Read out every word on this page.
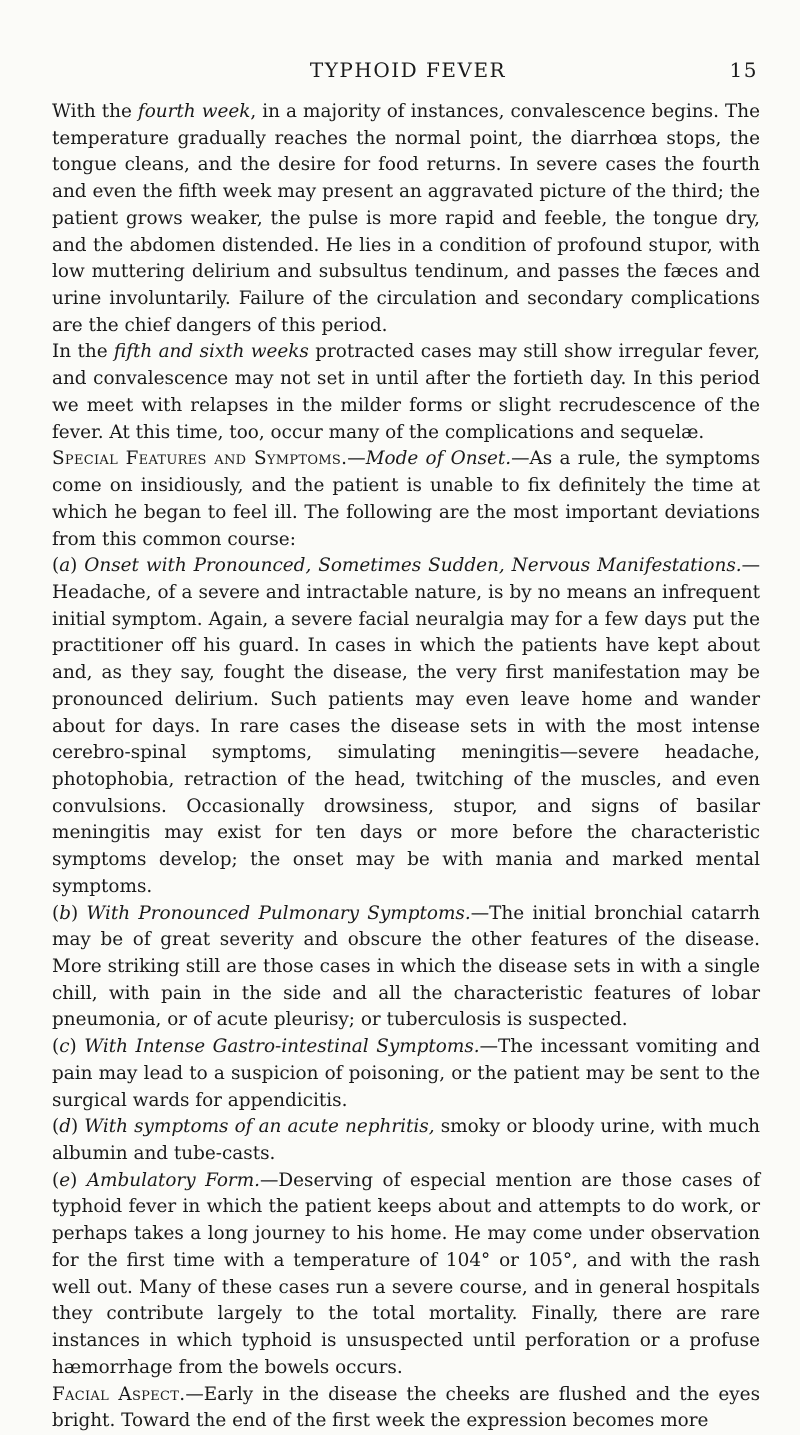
TYPHOID FEVER	15

With the fourth week, in a majority of instances, convalescence begins. The temperature gradually reaches the normal point, the diarrhœa stops, the tongue cleans, and the desire for food returns. In severe cases the fourth and even the fifth week may present an aggravated picture of the third; the patient grows weaker, the pulse is more rapid and feeble, the tongue dry, and the abdomen distended. He lies in a condition of profound stupor, with low muttering delirium and subsultus tendinum, and passes the fæces and urine involuntarily. Failure of the circulation and secondary complications are the chief dangers of this period.

In the fifth and sixth weeks protracted cases may still show irregular fever, and convalescence may not set in until after the fortieth day. In this period we meet with relapses in the milder forms or slight recrudescence of the fever. At this time, too, occur many of the complications and sequelæ.

Special Features and Symptoms.—Mode of Onset.—As a rule, the symptoms come on insidiously, and the patient is unable to fix definitely the time at which he began to feel ill. The following are the most important deviations from this common course:

(a) Onset with Pronounced, Sometimes Sudden, Nervous Manifestations.—Headache, of a severe and intractable nature, is by no means an infrequent initial symptom. Again, a severe facial neuralgia may for a few days put the practitioner off his guard. In cases in which the patients have kept about and, as they say, fought the disease, the very first manifestation may be pronounced delirium. Such patients may even leave home and wander about for days. In rare cases the disease sets in with the most intense cerebro-spinal symptoms, simulating meningitis—severe headache, photophobia, retraction of the head, twitching of the muscles, and even convulsions. Occasionally drowsiness, stupor, and signs of basilar meningitis may exist for ten days or more before the characteristic symptoms develop; the onset may be with mania and marked mental symptoms.

(b) With Pronounced Pulmonary Symptoms.—The initial bronchial catarrh may be of great severity and obscure the other features of the disease. More striking still are those cases in which the disease sets in with a single chill, with pain in the side and all the characteristic features of lobar pneumonia, or of acute pleurisy; or tuberculosis is suspected.

(c) With Intense Gastro-intestinal Symptoms.—The incessant vomiting and pain may lead to a suspicion of poisoning, or the patient may be sent to the surgical wards for appendicitis.

(d) With symptoms of an acute nephritis, smoky or bloody urine, with much albumin and tube-casts.

(e) Ambulatory Form.—Deserving of especial mention are those cases of typhoid fever in which the patient keeps about and attempts to do work, or perhaps takes a long journey to his home. He may come under observation for the first time with a temperature of 104° or 105°, and with the rash well out. Many of these cases run a severe course, and in general hospitals they contribute largely to the total mortality. Finally, there are rare instances in which typhoid is unsuspected until perforation or a profuse hæmorrhage from the bowels occurs.

Facial Aspect.—Early in the disease the cheeks are flushed and the eyes bright. Toward the end of the first week the expression becomes more
